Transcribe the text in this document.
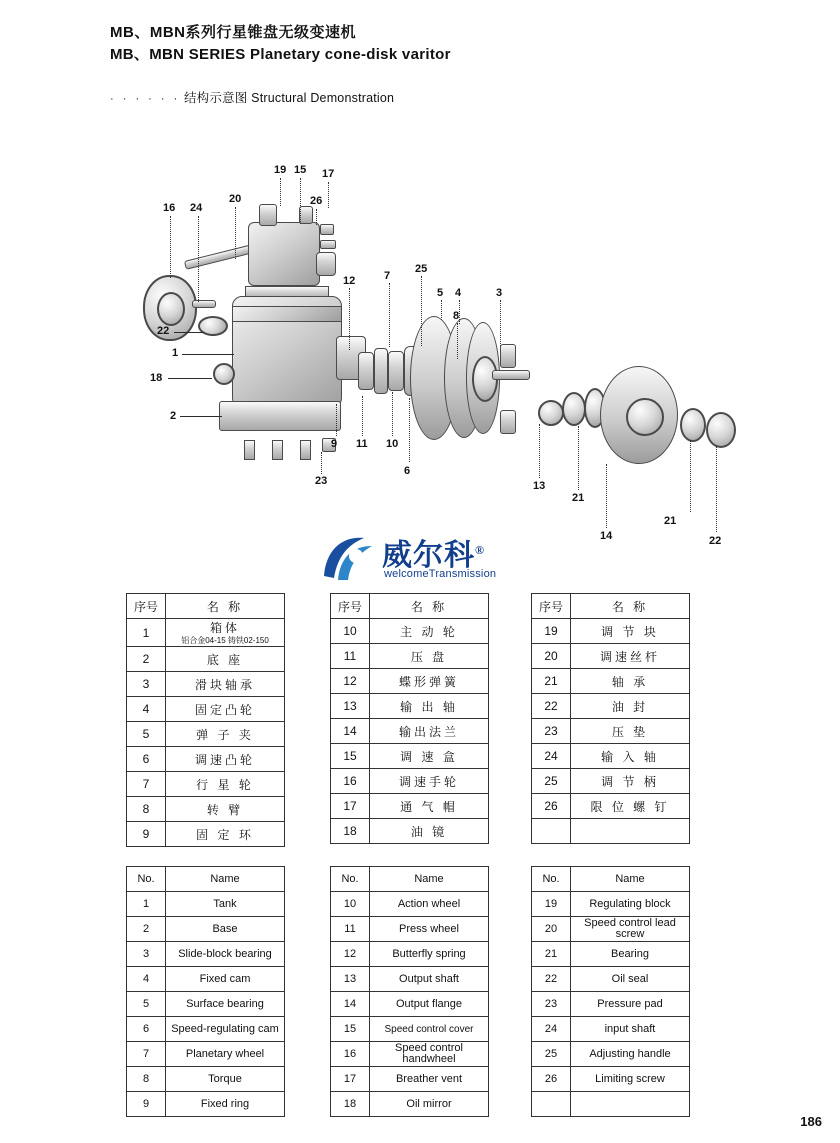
MB、MBN系列行星锥盘无级变速机
MB、MBN SERIES Planetary cone-disk varitor
· · · · · · 结构示意图 Structural Demonstration
19 15 17
26
16 24
20
22
1
18
2
9 11 10
23
12	7
25
5 4	3
8
6
13
21
14
21
22
威尔科®
welcomeTransmission
序号	名 称
1	箱体
铝合金04-15 铸铁02-150

2	底 座
3	滑块轴承
4	固定凸轮
5	弹 子 夹
6	调速凸轮
7	行 星 轮
8	转 臂
9	固 定 环
序号	名 称
10	主 动 轮
11	压 盘
12	蝶形弹簧
13	输 出 轴
14	输出法兰
15	调 速 盒
16	调速手轮
17	通 气 帽
18	油 镜
序号	名 称
19	调 节 块
20	调速丝杆
21	轴 承
22	油 封
23	压 垫
24	输 入 轴
25	调 节 柄
26	限 位 螺 钉

No.	Name
1	Tank
2	Base
3	Slide-block bearing
4	Fixed cam
5	Surface bearing
6	Speed-regulating cam
7	Planetary wheel
8	Torque
9	Fixed ring
No.	Name
10	Action wheel
11	Press wheel
12	Butterfly spring
13	Output shaft
14	Output flange
15	Speed control cover
16	Speed control handwheel
17	Breather vent
18	Oil mirror
No.	Name
19	Regulating block
20	Speed control lead screw
21	Bearing
22	Oil seal
23	Pressure pad
24	input shaft
25	Adjusting handle
26	Limiting screw

186
